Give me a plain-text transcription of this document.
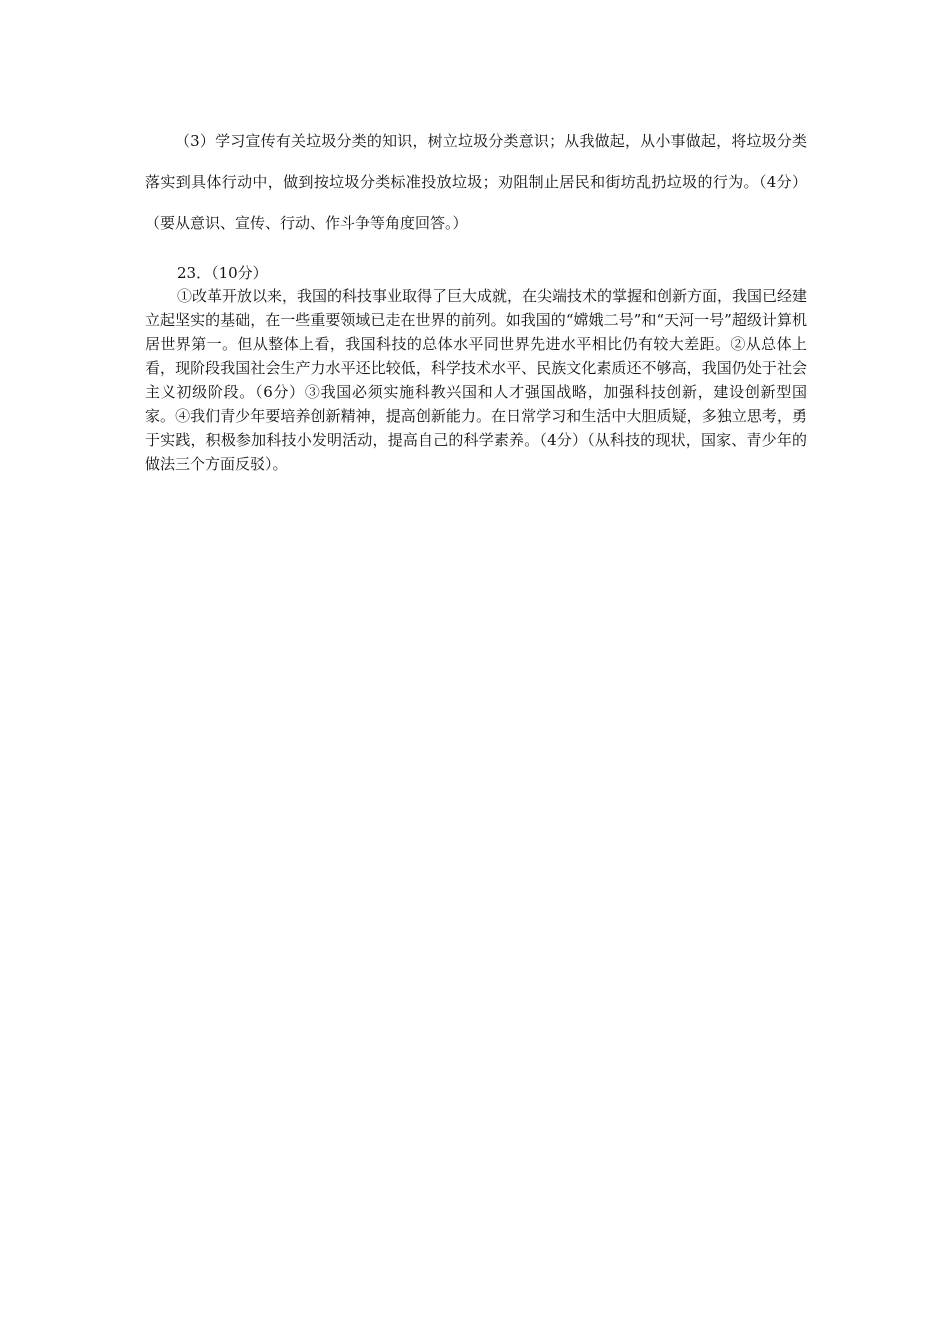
（3）学习宣传有关垃圾分类的知识，树立垃圾分类意识；从我做起，从小事做起，将垃圾分类落实到具体行动中，做到按垃圾分类标准投放垃圾；劝阻制止居民和街坊乱扔垃圾的行为。（4分）（要从意识、宣传、行动、作斗争等角度回答。）

23．（10分）

①改革开放以来，我国的科技事业取得了巨大成就，在尖端技术的掌握和创新方面，我国已经建立起坚实的基础，在一些重要领域已走在世界的前列。如我国的“嫦娥二号”和“天河一号”超级计算机居世界第一。但从整体上看，我国科技的总体水平同世界先进水平相比仍有较大差距。②从总体上看，现阶段我国社会生产力水平还比较低，科学技术水平、民族文化素质还不够高，我国仍处于社会主义初级阶段。（6分）③我国必须实施科教兴国和人才强国战略，加强科技创新，建设创新型国家。④我们青少年要培养创新精神，提高创新能力。在日常学习和生活中大胆质疑，多独立思考，勇于实践，积极参加科技小发明活动，提高自己的科学素养。（4分）（从科技的现状，国家、青少年的做法三个方面反驳）。
